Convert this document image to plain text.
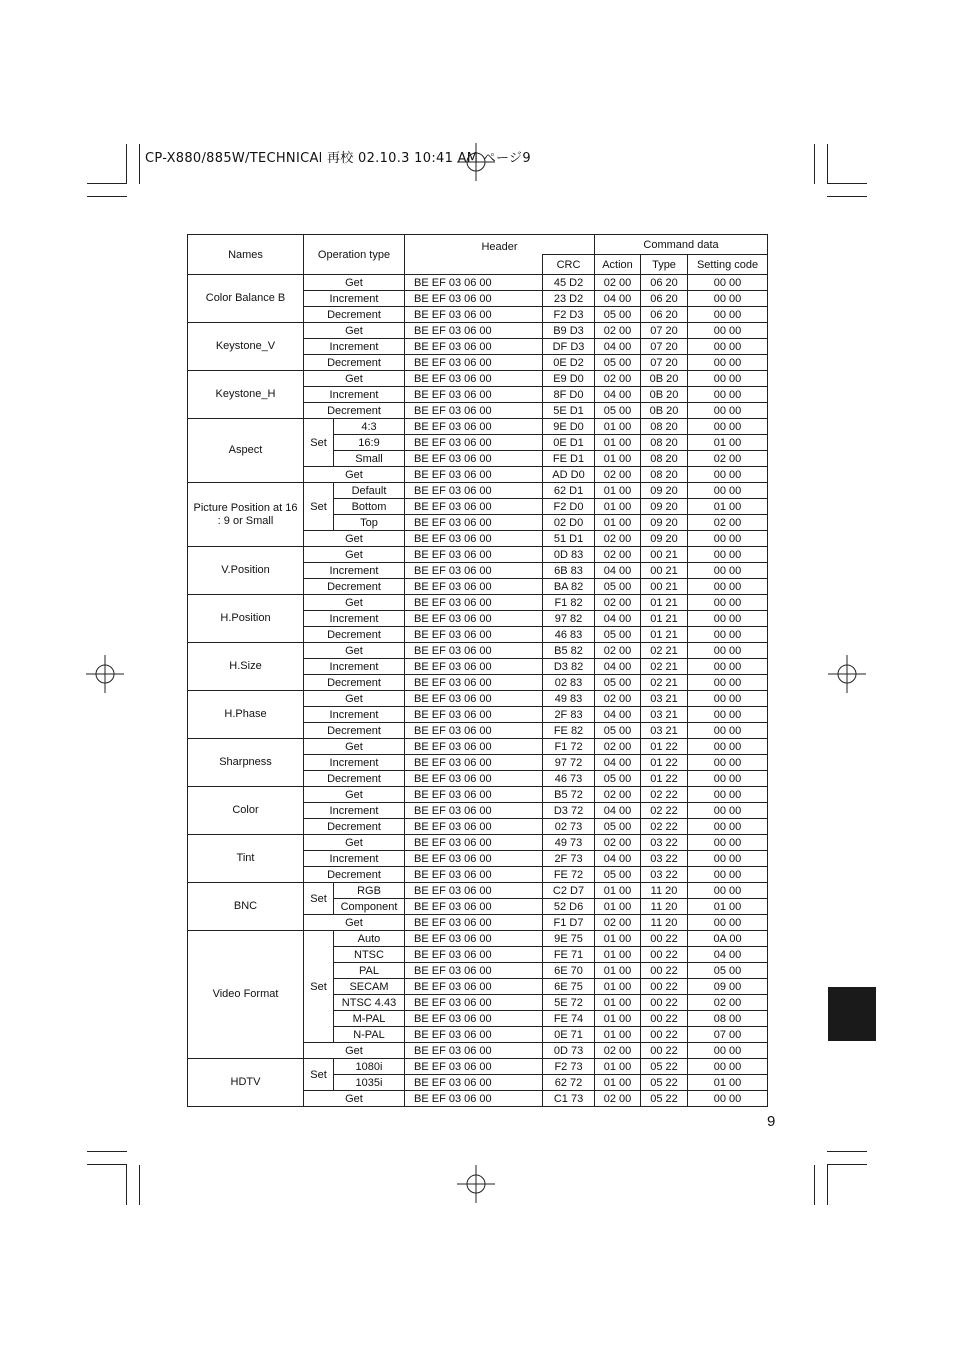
CP-X880/885W/TECHNICAl 再校 02.10.3 10:41 AM ページ9
9
Names	Operation type		Header		Command data		
				CRC	Action	Type	Setting code
Color Balance B	Get		BE EF 03 06 00	45 D2	02 00	06 20	00 00
	Increment		BE EF 03 06 00	23 D2	04 00	06 20	00 00
	Decrement		BE EF 03 06 00	F2 D3	05 00	06 20	00 00
Keystone_V	Get		BE EF 03 06 00	B9 D3	02 00	07 20	00 00
	Increment		BE EF 03 06 00	DF D3	04 00	07 20	00 00
	Decrement		BE EF 03 06 00	0E D2	05 00	07 20	00 00
Keystone_H	Get		BE EF 03 06 00	E9 D0	02 00	0B 20	00 00
	Increment		BE EF 03 06 00	8F D0	04 00	0B 20	00 00
	Decrement		BE EF 03 06 00	5E D1	05 00	0B 20	00 00
Aspect	Set	4:3	BE EF 03 06 00	9E D0	01 00	08 20	00 00
		16:9	BE EF 03 06 00	0E D1	01 00	08 20	01 00
		Small	BE EF 03 06 00	FE D1	01 00	08 20	02 00
	Get		BE EF 03 06 00	AD D0	02 00	08 20	00 00
Picture Position at 16 : 9 or Small	Set	Default	BE EF 03 06 00	62 D1	01 00	09 20	00 00
		Bottom	BE EF 03 06 00	F2 D0	01 00	09 20	01 00
		Top	BE EF 03 06 00	02 D0	01 00	09 20	02 00
	Get		BE EF 03 06 00	51 D1	02 00	09 20	00 00
V.Position	Get		BE EF 03 06 00	0D 83	02 00	00 21	00 00
	Increment		BE EF 03 06 00	6B 83	04 00	00 21	00 00
	Decrement		BE EF 03 06 00	BA 82	05 00	00 21	00 00
H.Position	Get		BE EF 03 06 00	F1 82	02 00	01 21	00 00
	Increment		BE EF 03 06 00	97 82	04 00	01 21	00 00
	Decrement		BE EF 03 06 00	46 83	05 00	01 21	00 00
H.Size	Get		BE EF 03 06 00	B5 82	02 00	02 21	00 00
	Increment		BE EF 03 06 00	D3 82	04 00	02 21	00 00
	Decrement		BE EF 03 06 00	02 83	05 00	02 21	00 00
H.Phase	Get		BE EF 03 06 00	49 83	02 00	03 21	00 00
	Increment		BE EF 03 06 00	2F 83	04 00	03 21	00 00
	Decrement		BE EF 03 06 00	FE 82	05 00	03 21	00 00
Sharpness	Get		BE EF 03 06 00	F1 72	02 00	01 22	00 00
	Increment		BE EF 03 06 00	97 72	04 00	01 22	00 00
	Decrement		BE EF 03 06 00	46 73	05 00	01 22	00 00
Color	Get		BE EF 03 06 00	B5 72	02 00	02 22	00 00
	Increment		BE EF 03 06 00	D3 72	04 00	02 22	00 00
	Decrement		BE EF 03 06 00	02 73	05 00	02 22	00 00
Tint	Get		BE EF 03 06 00	49 73	02 00	03 22	00 00
	Increment		BE EF 03 06 00	2F 73	04 00	03 22	00 00
	Decrement		BE EF 03 06 00	FE 72	05 00	03 22	00 00
BNC	Set	RGB	BE EF 03 06 00	C2 D7	01 00	11 20	00 00
		Component	BE EF 03 06 00	52 D6	01 00	11 20	01 00
	Get		BE EF 03 06 00	F1 D7	02 00	11 20	00 00
Video Format	Set	Auto	BE EF 03 06 00	9E 75	01 00	00 22	0A 00
		NTSC	BE EF 03 06 00	FE 71	01 00	00 22	04 00
		PAL	BE EF 03 06 00	6E 70	01 00	00 22	05 00
		SECAM	BE EF 03 06 00	6E 75	01 00	00 22	09 00
		NTSC 4.43	BE EF 03 06 00	5E 72	01 00	00 22	02 00
		M-PAL	BE EF 03 06 00	FE 74	01 00	00 22	08 00
		N-PAL	BE EF 03 06 00	0E 71	01 00	00 22	07 00
	Get		BE EF 03 06 00	0D 73	02 00	00 22	00 00
HDTV	Set	1080i	BE EF 03 06 00	F2 73	01 00	05 22	00 00
		1035i	BE EF 03 06 00	62 72	01 00	05 22	01 00
	Get		BE EF 03 06 00	C1 73	02 00	05 22	00 00
